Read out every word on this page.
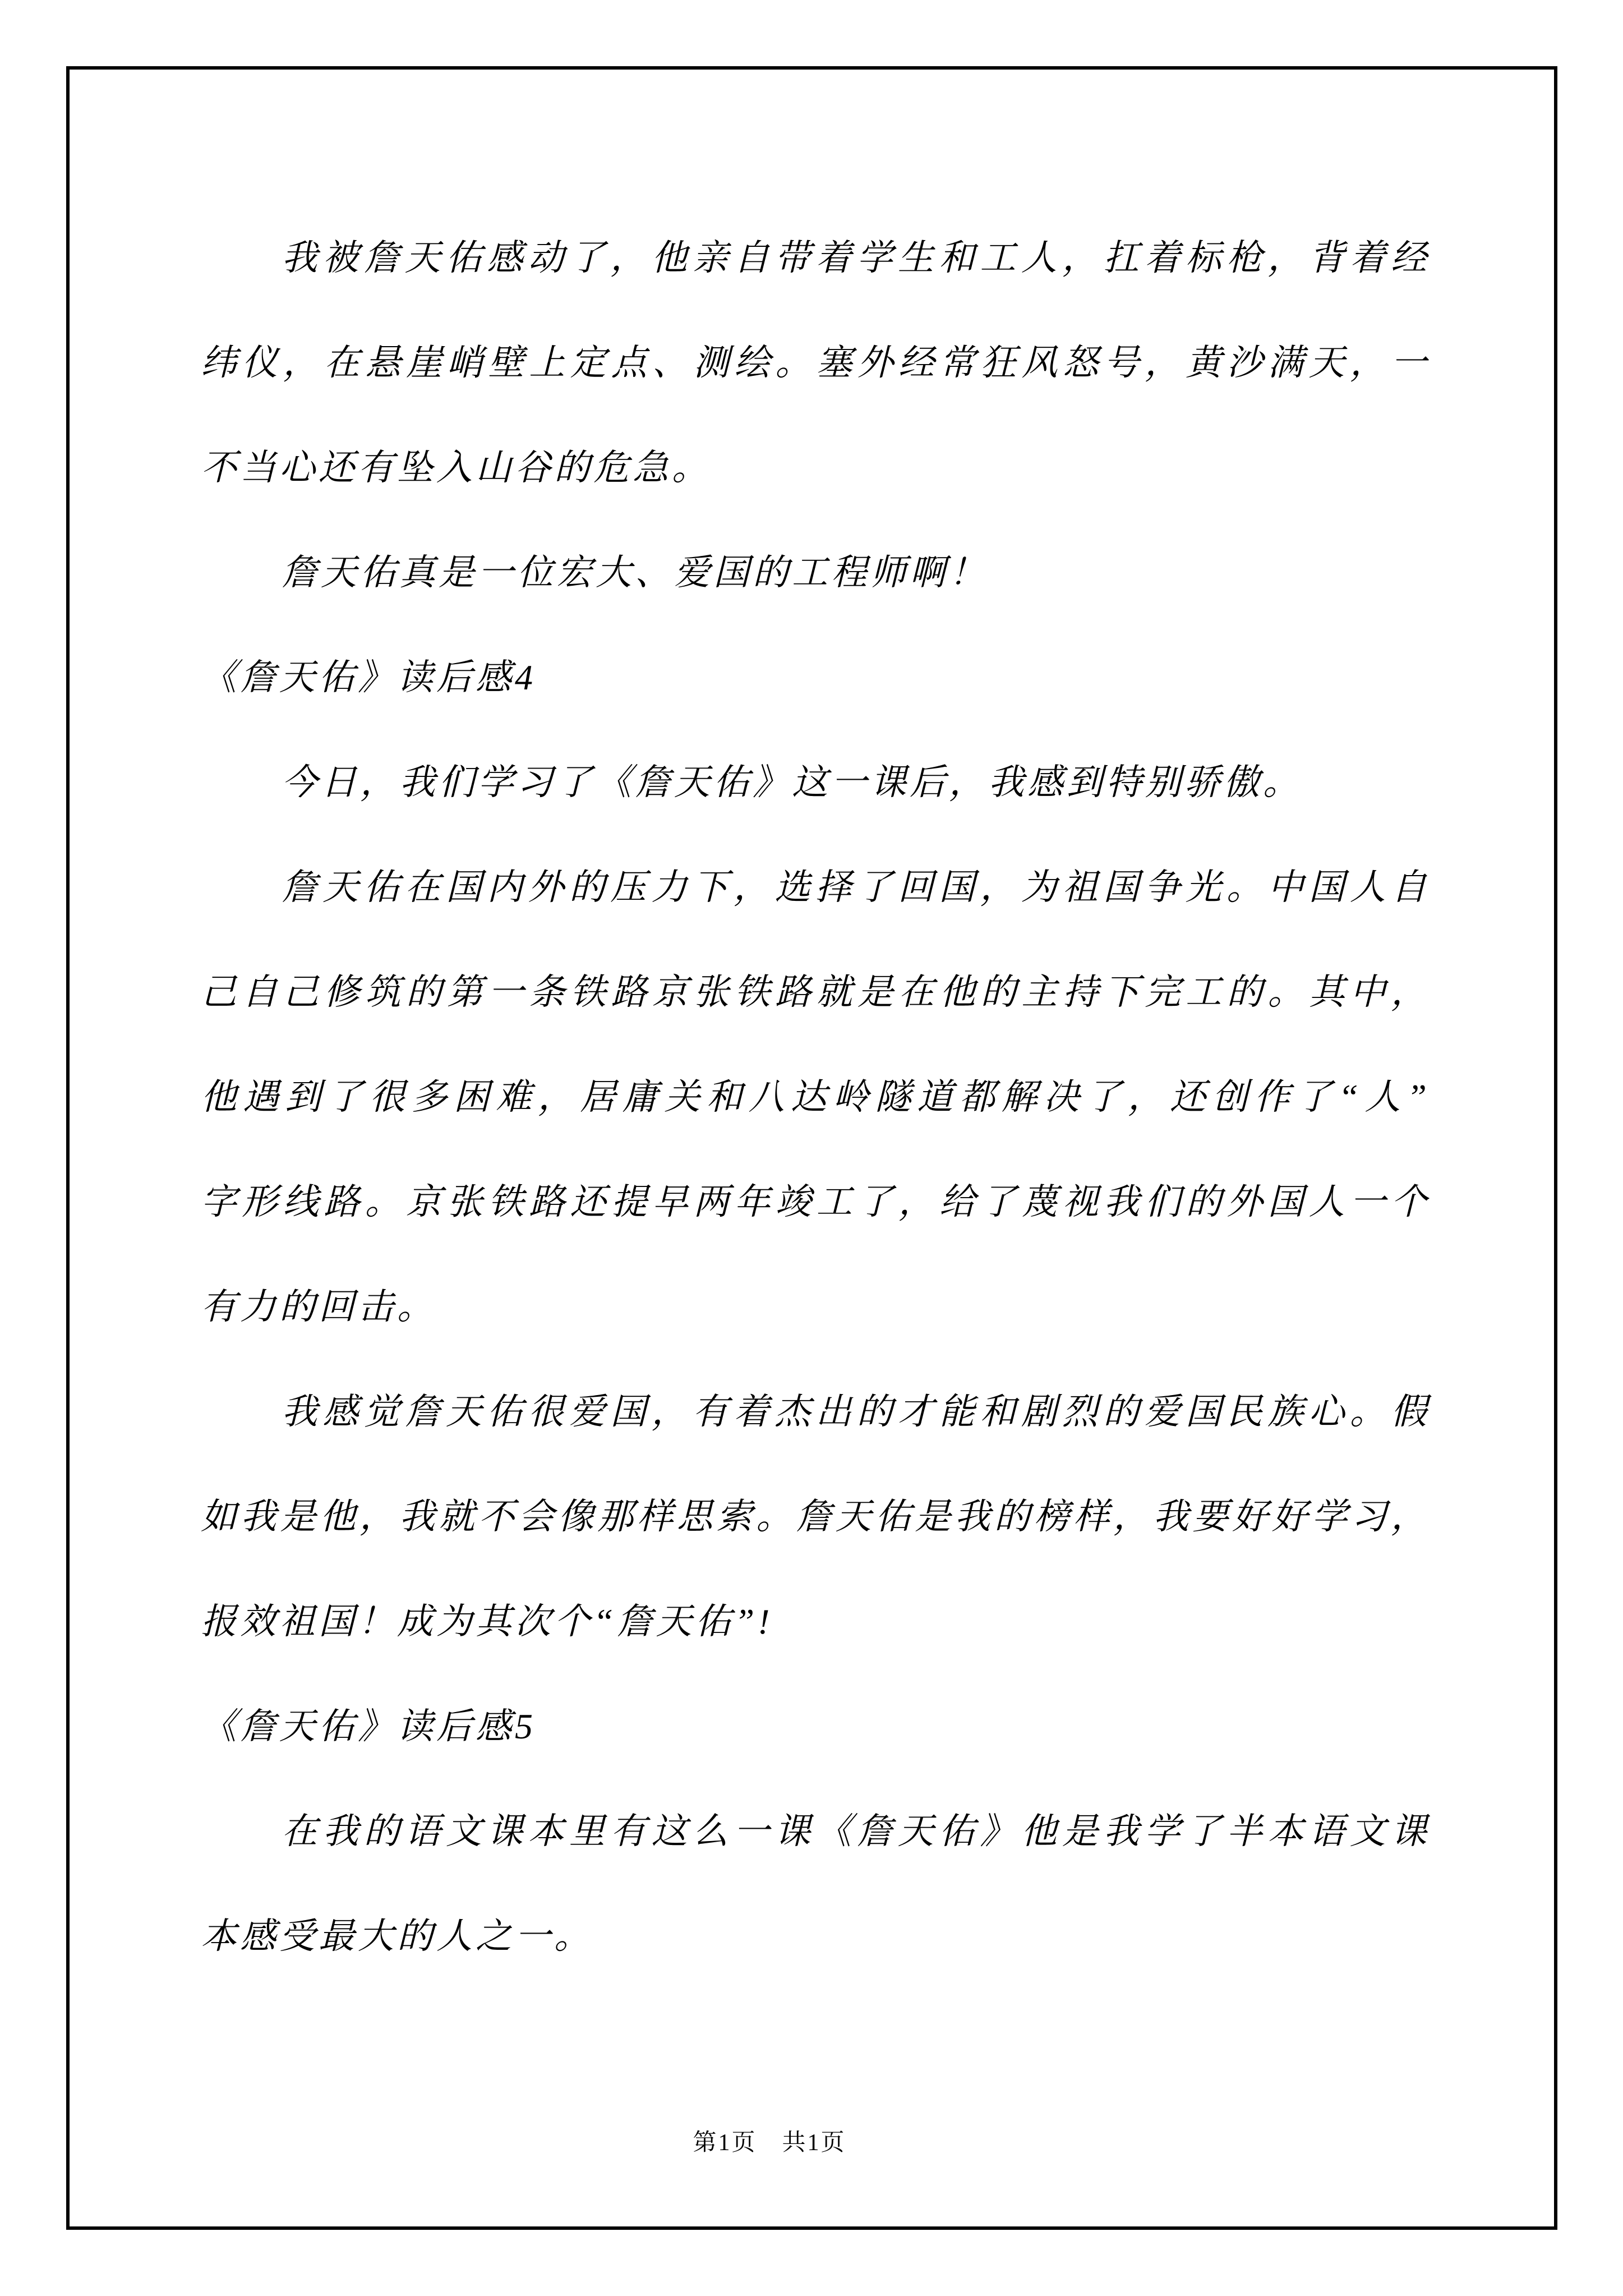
我被詹天佑感动了，他亲自带着学生和工人，扛着标枪，背着经
纬仪，在悬崖峭壁上定点、测绘。塞外经常狂风怒号，黄沙满天，一
不当心还有坠入山谷的危急。
詹天佑真是一位宏大、爱国的工程师啊！
《詹天佑》读后感4
今日，我们学习了《詹天佑》这一课后，我感到特别骄傲。
詹天佑在国内外的压力下，选择了回国，为祖国争光。中国人自
己自己修筑的第一条铁路京张铁路就是在他的主持下完工的。其中，
他遇到了很多困难，居庸关和八达岭隧道都解决了，还创作了“人”
字形线路。京张铁路还提早两年竣工了，给了蔑视我们的外国人一个
有力的回击。
我感觉詹天佑很爱国，有着杰出的才能和剧烈的爱国民族心。假
如我是他，我就不会像那样思索。詹天佑是我的榜样，我要好好学习，
报效祖国！成为其次个“詹天佑”!
《詹天佑》读后感5
在我的语文课本里有这么一课《詹天佑》他是我学了半本语文课
本感受最大的人之一。
第1页　共1页
